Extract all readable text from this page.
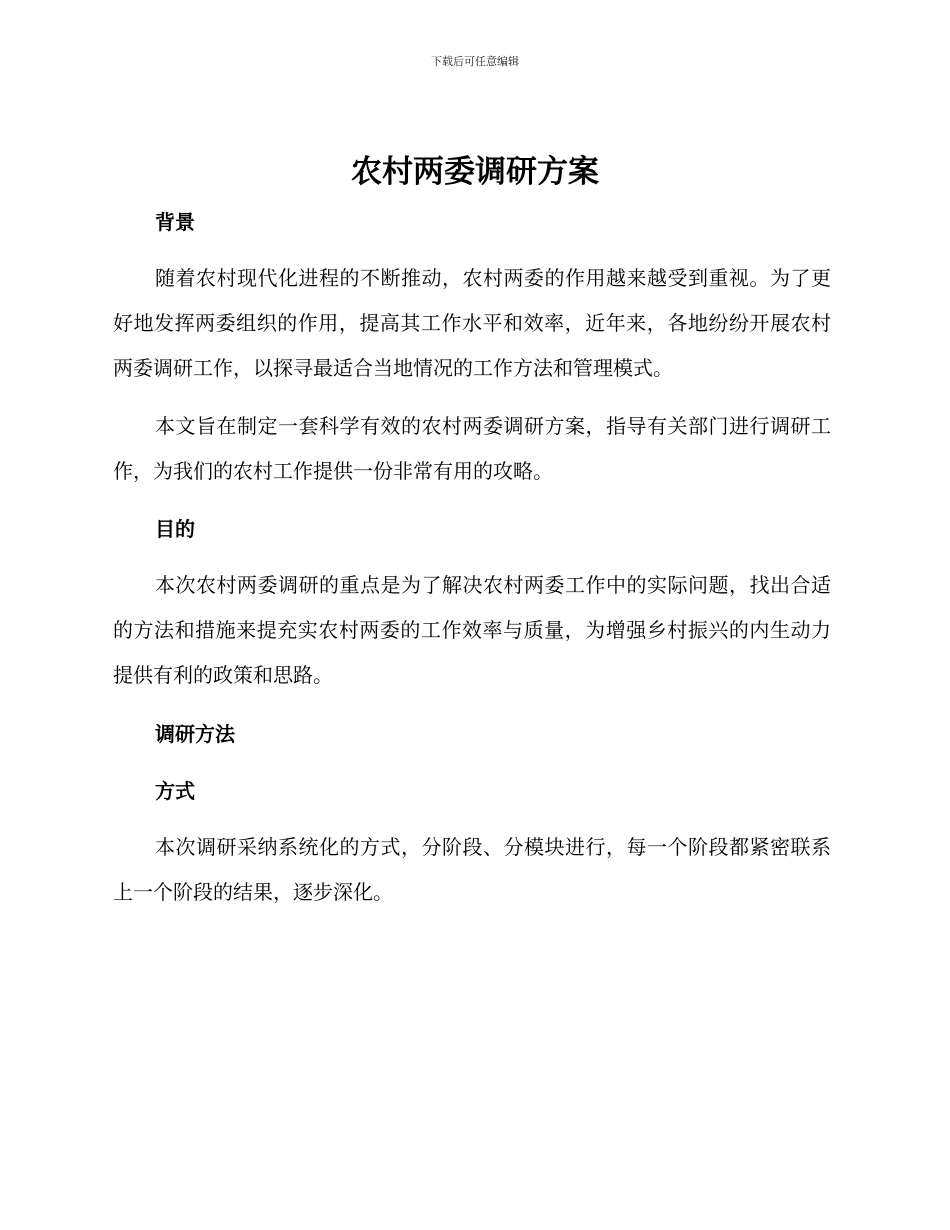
下载后可任意编辑
农村两委调研方案
背景

随着农村现代化进程的不断推动，农村两委的作用越来越受到重视。为了更好地发挥两委组织的作用，提高其工作水平和效率，近年来，各地纷纷开展农村两委调研工作，以探寻最适合当地情况的工作方法和管理模式。

本文旨在制定一套科学有效的农村两委调研方案，指导有关部门进行调研工作，为我们的农村工作提供一份非常有用的攻略。

目的

本次农村两委调研的重点是为了解决农村两委工作中的实际问题，找出合适的方法和措施来提充实农村两委的工作效率与质量，为增强乡村振兴的内生动力提供有利的政策和思路。

调研方法
方式

本次调研采纳系统化的方式，分阶段、分模块进行，每一个阶段都紧密联系上一个阶段的结果，逐步深化。
